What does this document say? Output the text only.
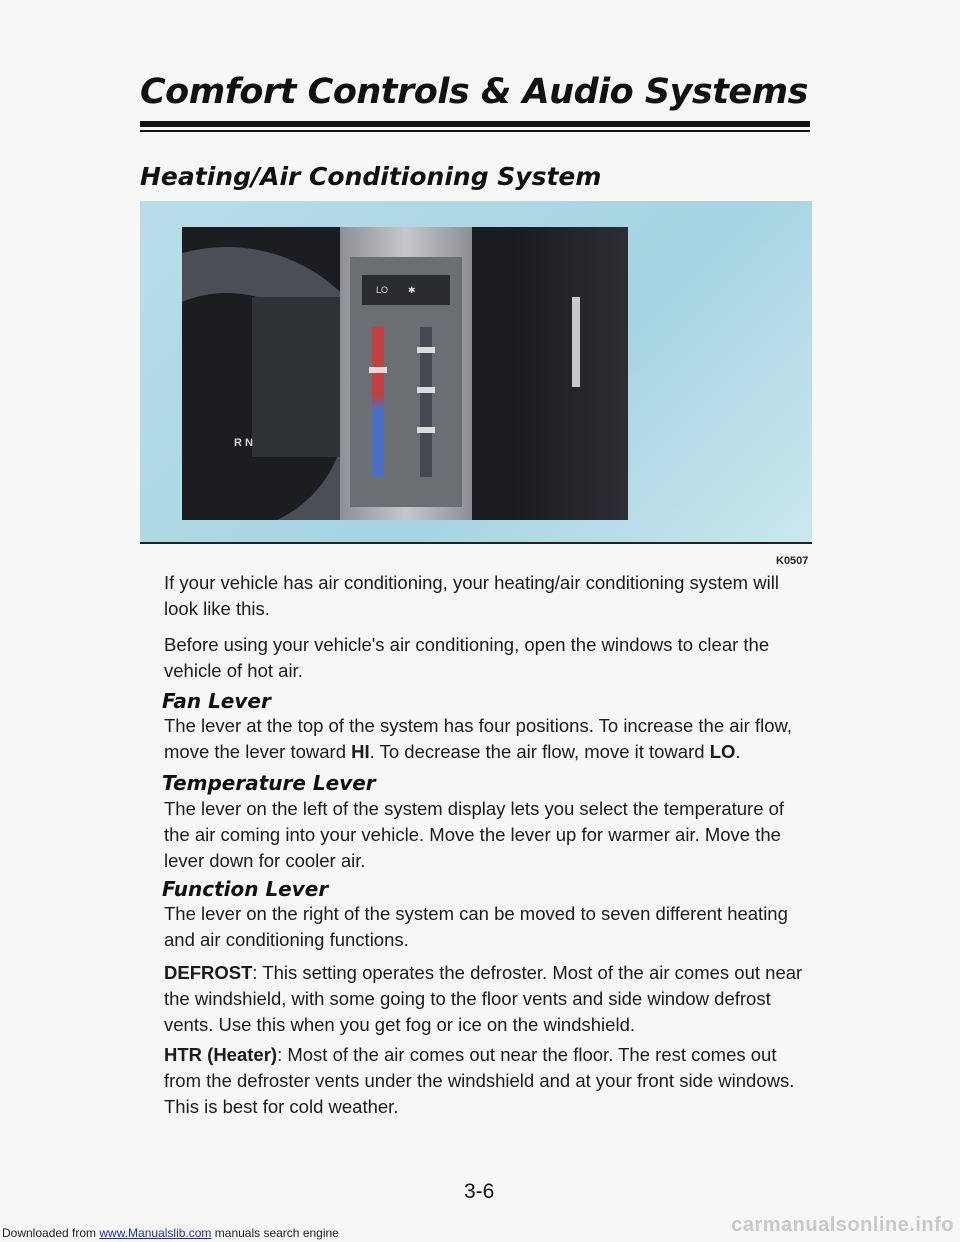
Comfort Controls & Audio Systems
Heating/Air Conditioning System
R N
LO ✱
K0507
If your vehicle has air conditioning, your heating/air conditioning system will look like this.
Before using your vehicle's air conditioning, open the windows to clear the vehicle of hot air.
Fan Lever
The lever at the top of the system has four positions. To increase the air flow, move the lever toward HI. To decrease the air flow, move it toward LO.
Temperature Lever
The lever on the left of the system display lets you select the temperature of the air coming into your vehicle. Move the lever up for warmer air. Move the lever down for cooler air.
Function Lever
The lever on the right of the system can be moved to seven different heating and air conditioning functions.
DEFROST: This setting operates the defroster. Most of the air comes out near the windshield, with some going to the floor vents and side window defrost vents. Use this when you get fog or ice on the windshield.
HTR (Heater): Most of the air comes out near the floor. The rest comes out from the defroster vents under the windshield and at your front side windows. This is best for cold weather.
3-6
Downloaded from www.Manualslib.com manuals search engine	carmanualsonline.info
